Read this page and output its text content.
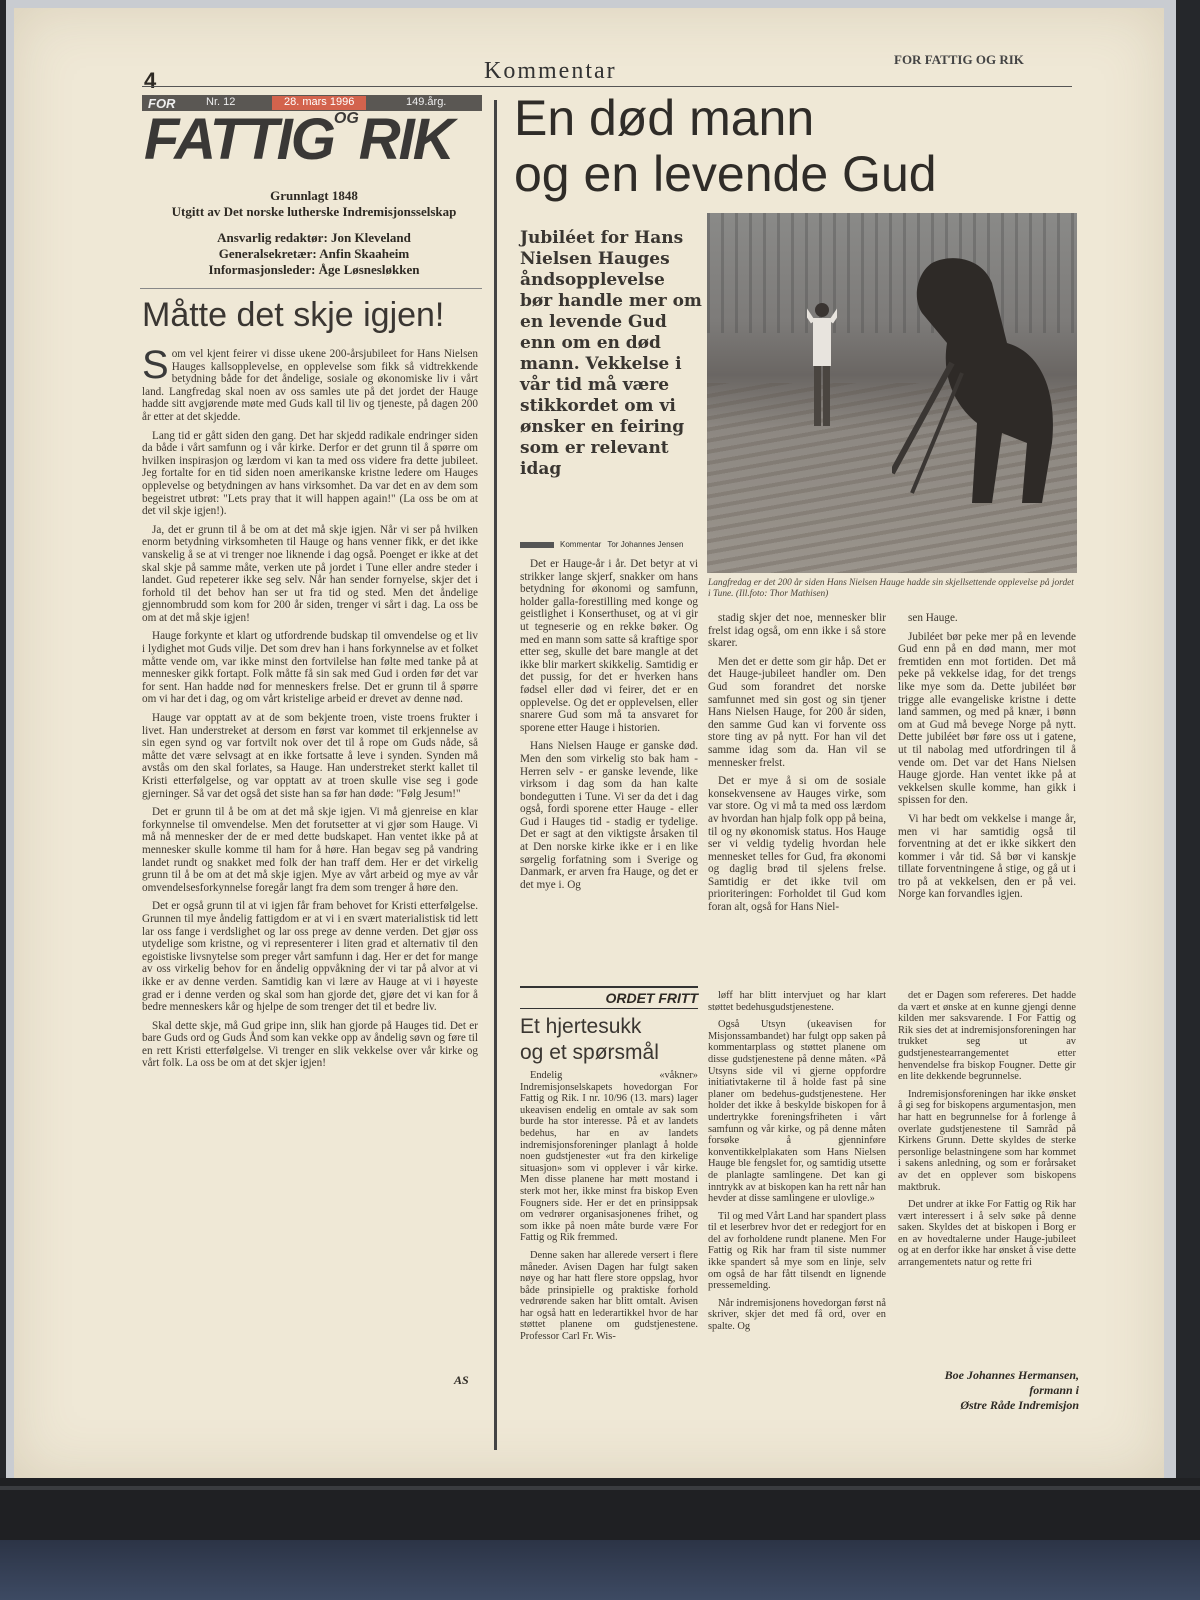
4	Kommentar	FOR FATTIG OG RIK
FOR	Nr. 12	28. mars 1996	149.årg.
$FATTIG^{OG}RIK$
Grunnlagt 1848
Utgitt av Det norske lutherske Indremisjonsselskap
Ansvarlig redaktør: Jon Kleveland
Generalsekretær: Anfin Skaaheim
Informasjonsleder: Åge Løsnesløkken
Måtte det skje igjen!

Som vel kjent feirer vi disse ukene 200-årsjubileet for Hans Nielsen Hauges kallsopplevelse, en opplevelse som fikk så vidtrekkende betydning både for det åndelige, sosiale og økonomiske liv i vårt land. Langfredag skal noen av oss samles ute på det jordet der Hauge hadde sitt avgjørende møte med Guds kall til liv og tjeneste, på dagen 200 år etter at det skjedde.

Lang tid er gått siden den gang. Det har skjedd radikale endringer siden da både i vårt samfunn og i vår kirke. Derfor er det grunn til å spørre om hvilken inspirasjon og lærdom vi kan ta med oss videre fra dette jubileet. Jeg fortalte for en tid siden noen amerikanske kristne ledere om Hauges opplevelse og betydningen av hans virksomhet. Da var det en av dem som begeistret utbrøt: "Lets pray that it will happen again!" (La oss be om at det vil skje igjen!).

Ja, det er grunn til å be om at det må skje igjen. Når vi ser på hvilken enorm betydning virksomheten til Hauge og hans venner fikk, er det ikke vanskelig å se at vi trenger noe liknende i dag også. Poenget er ikke at det skal skje på samme måte, verken ute på jordet i Tune eller andre steder i landet. Gud repeterer ikke seg selv. Når han sender fornyelse, skjer det i forhold til det behov han ser ut fra tid og sted. Men det åndelige gjennombrudd som kom for 200 år siden, trenger vi sårt i dag. La oss be om at det må skje igjen!

Hauge forkynte et klart og utfordrende budskap til omvendelse og et liv i lydighet mot Guds vilje. Det som drev han i hans forkynnelse av et folket måtte vende om, var ikke minst den fortvilelse han følte med tanke på at mennesker gikk fortapt. Folk måtte få sin sak med Gud i orden før det var for sent. Han hadde nød for menneskers frelse. Det er grunn til å spørre om vi har det i dag, og om vårt kristelige arbeid er drevet av denne nød.

Hauge var opptatt av at de som bekjente troen, viste troens frukter i livet. Han understreket at dersom en først var kommet til erkjennelse av sin egen synd og var fortvilt nok over det til å rope om Guds nåde, så måtte det være selvsagt at en ikke fortsatte å leve i synden. Synden må avstås om den skal forlates, sa Hauge. Han understreket sterkt kallet til Kristi etterfølgelse, og var opptatt av at troen skulle vise seg i gode gjerninger. Så var det også det siste han sa før han døde: "Følg Jesum!"

Det er grunn til å be om at det må skje igjen. Vi må gjenreise en klar forkynnelse til omvendelse. Men det forutsetter at vi gjør som Hauge. Vi må nå mennesker der de er med dette budskapet. Han ventet ikke på at mennesker skulle komme til ham for å høre. Han begav seg på vandring landet rundt og snakket med folk der han traff dem. Her er det virkelig grunn til å be om at det må skje igjen. Mye av vårt arbeid og mye av vår omvendelsesforkynnelse foregår langt fra dem som trenger å høre den.

Det er også grunn til at vi igjen får fram behovet for Kristi etterfølgelse. Grunnen til mye åndelig fattigdom er at vi i en svært materialistisk tid lett lar oss fange i verdslighet og lar oss prege av denne verden. Det gjør oss utydelige som kristne, og vi representerer i liten grad et alternativ til den egoistiske livsnytelse som preger vårt samfunn i dag. Her er det for mange av oss virkelig behov for en åndelig oppvåkning der vi tar på alvor at vi ikke er av denne verden. Samtidig kan vi lære av Hauge at vi i høyeste grad er i denne verden og skal som han gjorde det, gjøre det vi kan for å bedre menneskers kår og hjelpe de som trenger det til et bedre liv.

Skal dette skje, må Gud gripe inn, slik han gjorde på Hauges tid. Det er bare Guds ord og Guds Ånd som kan vekke opp av åndelig søvn og føre til en rett Kristi etterfølgelse. Vi trenger en slik vekkelse over vår kirke og vårt folk. La oss be om at det skjer igjen!

AS
En død mann
og en levende Gud
Jubiléet for Hans Nielsen Hauges åndsopplevelse bør handle mer om en levende Gud enn om en død mann. Vekkelse i vår tid må være stikkordet om vi ønsker en feiring som er relevant idag
Kommentar Tor Johannes Jensen
Langfredag er det 200 år siden Hans Nielsen Hauge hadde sin skjellsettende opplevelse på jordet i Tune. (Ill.foto: Thor Mathisen)

Det er Hauge-år i år. Det betyr at vi strikker lange skjerf, snakker om hans betydning for økonomi og samfunn, holder galla-forestilling med konge og geistlighet i Konserthuset, og at vi gir ut tegneserie og en rekke bøker. Og med en mann som satte så kraftige spor etter seg, skulle det bare mangle at det ikke blir markert skikkelig. Samtidig er det pussig, for det er hverken hans fødsel eller død vi feirer, det er en opplevelse. Og det er opplevelsen, eller snarere Gud som må ta ansvaret for sporene etter Hauge i historien.

Hans Nielsen Hauge er ganske død. Men den som virkelig sto bak ham - Herren selv - er ganske levende, like virksom i dag som da han kalte bondegutten i Tune. Vi ser da det i dag også, fordi sporene etter Hauge - eller Gud i Hauges tid - stadig er tydelige. Det er sagt at den viktigste årsaken til at Den norske kirke ikke er i en like sørgelig forfatning som i Sverige og Danmark, er arven fra Hauge, og det er det mye i. Og

stadig skjer det noe, mennesker blir frelst idag også, om enn ikke i så store skarer.

Men det er dette som gir håp. Det er det Hauge-jubileet handler om. Den Gud som forandret det norske samfunnet med sin gost og sin tjener Hans Nielsen Hauge, for 200 år siden, den samme Gud kan vi forvente oss store ting av på nytt. For han vil det samme idag som da. Han vil se mennesker frelst.

Det er mye å si om de sosiale konsekvensene av Hauges virke, som var store. Og vi må ta med oss lærdom av hvordan han hjalp folk opp på beina, til og ny økonomisk status. Hos Hauge ser vi veldig tydelig hvordan hele mennesket telles for Gud, fra økonomi og daglig brød til sjelens frelse. Samtidig er det ikke tvil om prioriteringen: Forholdet til Gud kom foran alt, også for Hans Niel-

sen Hauge.

Jubiléet bør peke mer på en levende Gud enn på en død mann, mer mot fremtiden enn mot fortiden. Det må peke på vekkelse idag, for det trengs like mye som da. Dette jubiléet bør trigge alle evangeliske kristne i dette land sammen, og med på knær, i bønn om at Gud må bevege Norge på nytt. Dette jubiléet bør føre oss ut i gatene, ut til nabolag med utfordringen til å vende om. Det var det Hans Nielsen Hauge gjorde. Han ventet ikke på at vekkelsen skulle komme, han gikk i spissen for den.

Vi har bedt om vekkelse i mange år, men vi har samtidig også til forventning at det er ikke sikkert den kommer i vår tid. Så bør vi kanskje tillate forventningene å stige, og gå ut i tro på at vekkelsen, den er på vei. Norge kan forvandles igjen.

ORDET FRITT
Et hjertesukk
og et spørsmål

Endelig «våkner» Indremisjonselskapets hovedorgan For Fattig og Rik. I nr. 10/96 (13. mars) lager ukeavisen endelig en omtale av sak som burde ha stor interesse. På et av landets bedehus, har en av landets indremisjonsforeninger planlagt å holde noen gudstjenester «ut fra den kirkelige situasjon» som vi opplever i vår kirke. Men disse planene har møtt mostand i sterk mot her, ikke minst fra biskop Even Fougners side. Her er det en prinsippsak om vedrører organisasjonenes frihet, og som ikke på noen måte burde være For Fattig og Rik fremmed.

Denne saken har allerede versert i flere måneder. Avisen Dagen har fulgt saken nøye og har hatt flere store oppslag, hvor både prinsipielle og praktiske forhold vedrørende saken har blitt omtalt. Avisen har også hatt en lederartikkel hvor de har støttet planene om gudstjenestene. Professor Carl Fr. Wis-

løff har blitt intervjuet og har klart støttet bedehusgudstjenestene.

Også Utsyn (ukeavisen for Misjonssambandet) har fulgt opp saken på kommentarplass og støttet planene om disse gudstjenestene på denne måten. «På Utsyns side vil vi gjerne oppfordre initiativtakerne til å holde fast på sine planer om bedehus-gudstjenestene. Her holder det ikke å beskylde biskopen for å undertrykke foreningsfriheten i vårt samfunn og vår kirke, og på denne måten forsøke å gjenninføre konventikkelplakaten som Hans Nielsen Hauge ble fengslet for, og samtidig utsette de planlagte samlingene. Det kan gi inntrykk av at biskopen kan ha rett når han hevder at disse samlingene er ulovlige.»

Til og med Vårt Land har spandert plass til et leserbrev hvor det er redegjort for en del av forholdene rundt planene. Men For Fattig og Rik har fram til siste nummer ikke spandert så mye som en linje, selv om også de har fått tilsendt en lignende pressemelding.

Når indremisjonens hovedorgan først nå skriver, skjer det med få ord, over en spalte. Og

det er Dagen som refereres. Det hadde da vært et ønske at en kunne gjengi denne kilden mer saksvarende. I For Fattig og Rik sies det at indremisjonsforeningen har trukket seg ut av gudstjenestearrangementet etter henvendelse fra biskop Fougner. Dette gir en lite dekkende begrunnelse.

Indremisjonsforeningen har ikke ønsket å gi seg for biskopens argumentasjon, men har hatt en begrunnelse for å forlenge å overlate gudstjenestene til Samråd på Kirkens Grunn. Dette skyldes de sterke personlige belastningene som har kommet i sakens anledning, og som er forårsaket av det en opplever som biskopens maktbruk.

Det undrer at ikke For Fattig og Rik har vært interessert i å selv søke på denne saken. Skyldes det at biskopen i Borg er en av hovedtalerne under Hauge-jubileet og at en derfor ikke har ønsket å vise dette arrangementets natur og rette fri

Boe Johannes Hermansen,
formann i
Østre Råde Indremisjon
